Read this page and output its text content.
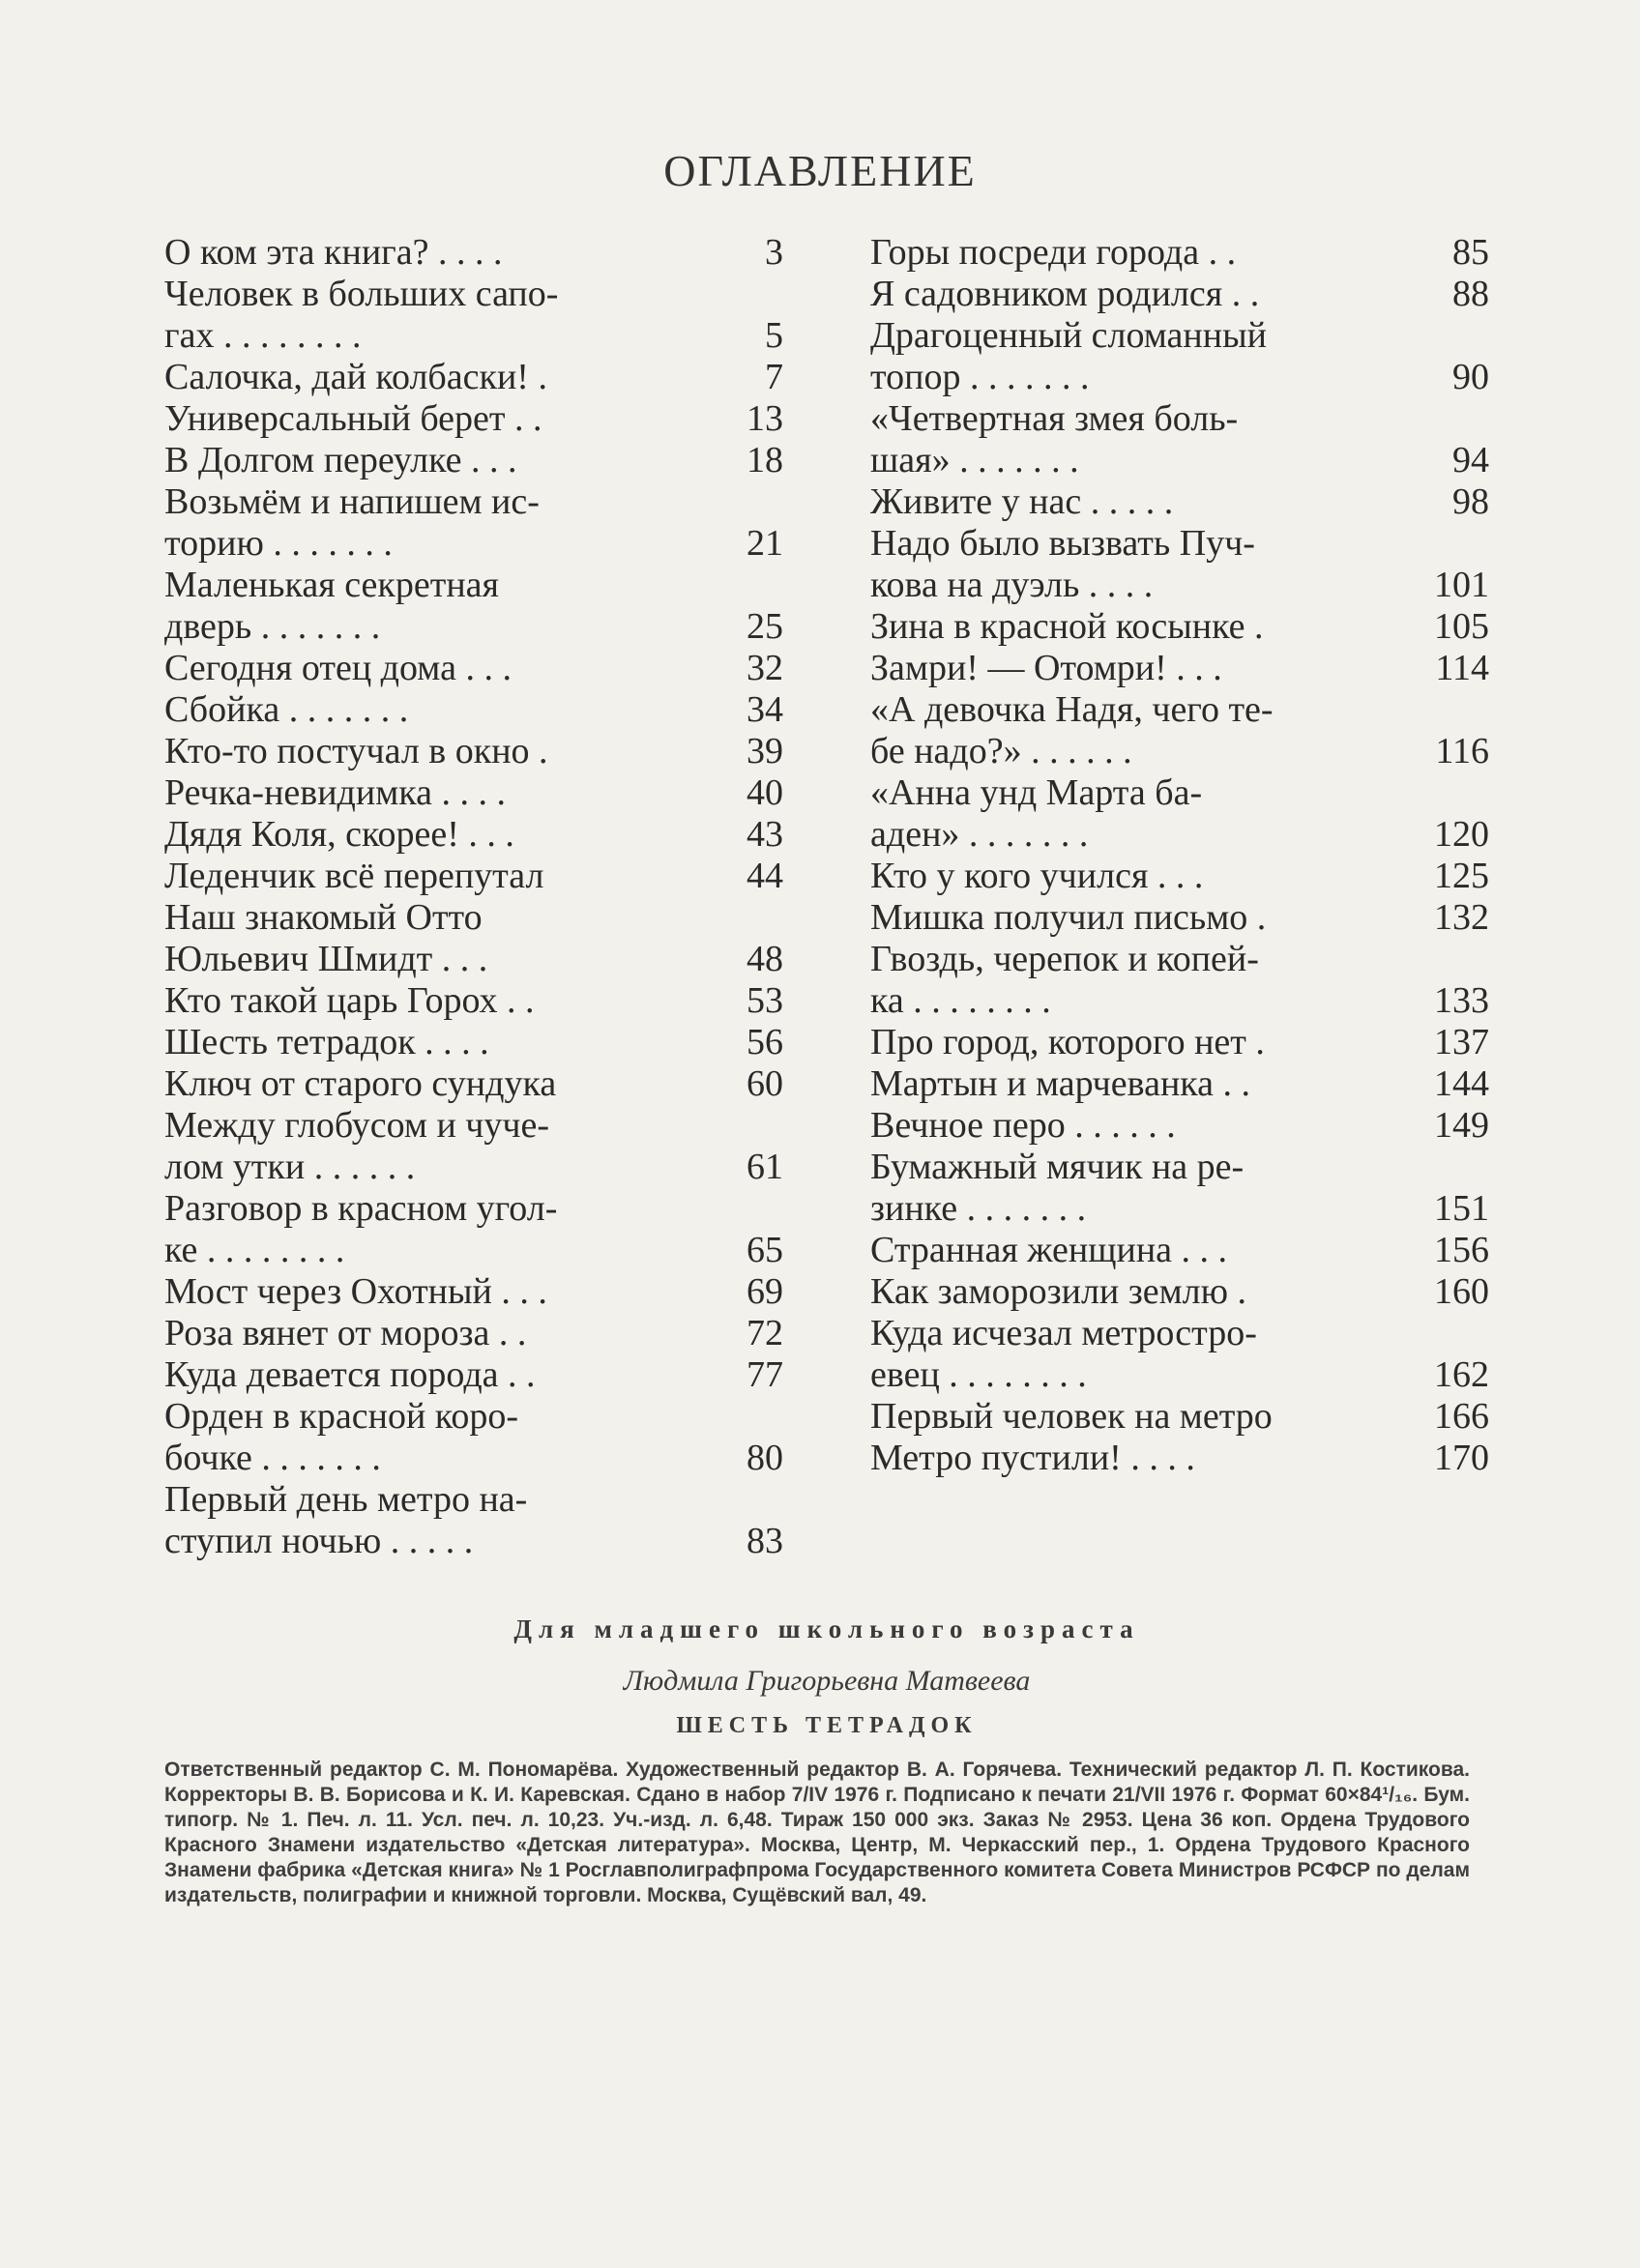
ОГЛАВЛЕНИЕ
О ком эта книга? . . . .	3
Человек в больших сапо-
гах . . . . . . . .	5
Салочка, дай колбаски! .	7
Универсальный берет . .	13
В Долгом переулке . . .	18
Возьмём и напишем ис-
торию . . . . . . .	21
Маленькая секретная
дверь . . . . . . .	25
Сегодня отец дома . . .	32
Сбойка . . . . . . .	34
Кто-то постучал в окно .	39
Речка-невидимка . . . .	40
Дядя Коля, скорее! . . .	43
Леденчик всё перепутал	44
Наш знакомый Отто
Юльевич Шмидт . . .	48
Кто такой царь Горох . .	53
Шесть тетрадок . . . .	56
Ключ от старого сундука	60
Между глобусом и чуче-
лом утки . . . . . .	61
Разговор в красном угол-
ке . . . . . . . .	65
Мост через Охотный . . .	69
Роза вянет от мороза . .	72
Куда девается порода . .	77
Орден в красной коро-
бочке . . . . . . .	80
Первый день метро на-
ступил ночью . . . . .	83
Горы посреди города . .	85
Я садовником родился . .	88
Драгоценный сломанный
топор . . . . . . .	90
«Четвертная змея боль-
шая» . . . . . . .	94
Живите у нас . . . . .	98
Надо было вызвать Пуч-
кова на дуэль . . . .	101
Зина в красной косынке .	105
Замри! — Отомри! . . .	114
«А девочка Надя, чего те-
бе надо?» . . . . . .	116
«Анна унд Марта ба-
аден» . . . . . . .	120
Кто у кого учился . . .	125
Мишка получил письмо .	132
Гвоздь, черепок и копей-
ка . . . . . . . .	133
Про город, которого нет .	137
Мартын и марчеванка . .	144
Вечное перо . . . . . .	149
Бумажный мячик на ре-
зинке . . . . . . .	151
Странная женщина . . .	156
Как заморозили землю .	160
Куда исчезал метростро-
евец . . . . . . . .	162
Первый человек на метро	166
Метро пустили! . . . .	170
Для младшего школьного возраста
Людмила Григорьевна Матвеева
ШЕСТЬ ТЕТРАДОК
Ответственный редактор С. М. Пономарёва. Художественный редактор В. А. Горячева. Технический редактор Л. П. Костикова. Корректоры В. В. Борисова и К. И. Каревская. Сдано в набор 7/IV 1976 г. Подписано к печати 21/VII 1976 г. Формат 60×84¹/₁₆. Бум. типогр. № 1. Печ. л. 11. Усл. печ. л. 10,23. Уч.-изд. л. 6,48. Тираж 150 000 экз. Заказ № 2953. Цена 36 коп. Ордена Трудового Красного Знамени издательство «Детская литература». Москва, Центр, М. Черкасский пер., 1. Ордена Трудового Красного Знамени фабрика «Детская книга» № 1 Росглавполиграфпрома Государственного комитета Совета Министров РСФСР по делам издательств, полиграфии и книжной торговли. Москва, Сущёвский вал, 49.
